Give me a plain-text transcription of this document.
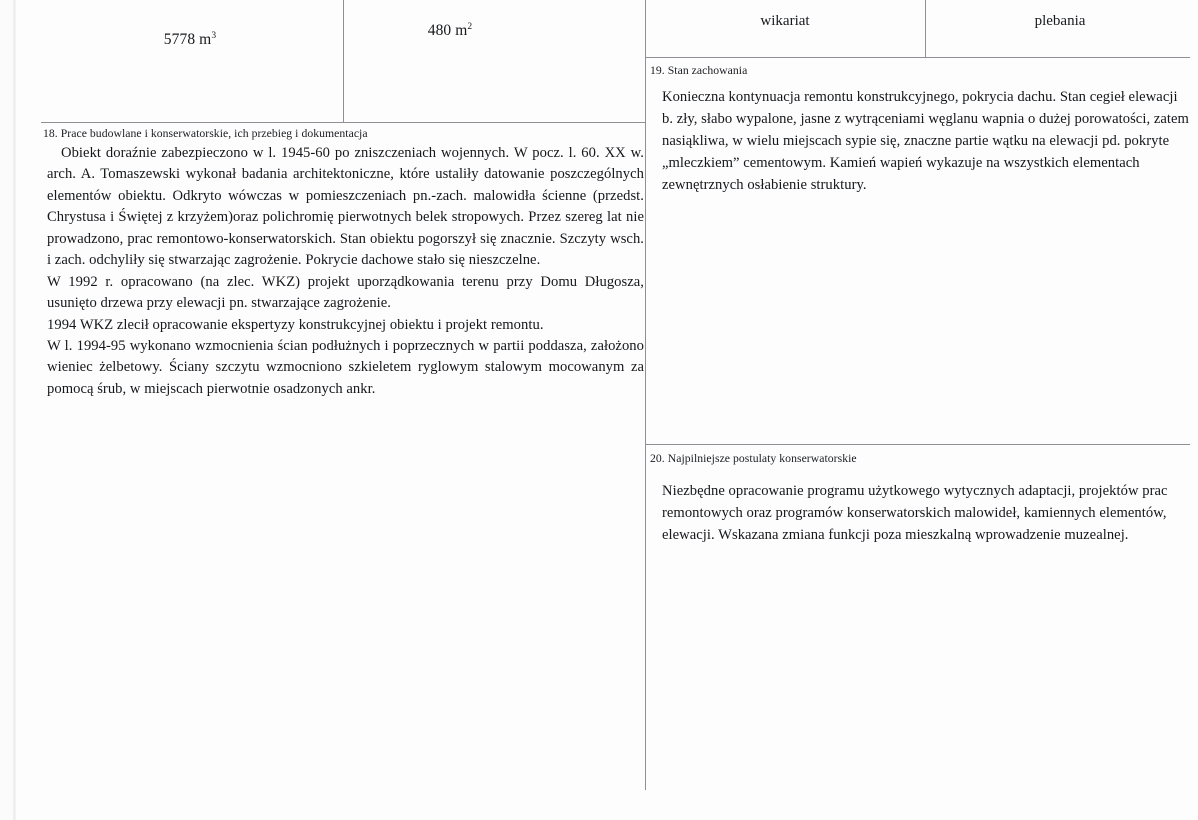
5778 $m^3$	480 $m^2$	wikariat	plebania
18. Prace budowlane i konserwatorskie, ich przebieg i dokumentacja

Obiekt doraźnie zabezpieczono w l. 1945-60 po zniszczeniach wojennych. W pocz. l. 60. XX w. arch. A. Tomaszewski wykonał badania architektoniczne, które ustaliły datowanie poszczególnych elementów obiektu. Odkryto wówczas w pomieszczeniach pn.-zach. malowidła ścienne (przedst. Chrystusa i Świętej z krzyżem)oraz polichromię pierwotnych belek stropowych. Przez szereg lat nie prowadzono, prac remontowo-konserwatorskich. Stan obiektu pogorszył się znacznie. Szczyty wsch. i zach. odchyliły się stwarzając zagrożenie. Pokrycie dachowe stało się nieszczelne.

W 1992 r. opracowano (na zlec. WKZ) projekt uporządkowania terenu przy Domu Długosza, usunięto drzewa przy elewacji pn. stwarzające zagrożenie.

1994 WKZ zlecił opracowanie ekspertyzy konstrukcyjnej obiektu i projekt remontu.

W l. 1994-95 wykonano wzmocnienia ścian podłużnych i poprzecznych w partii poddasza, założono wieniec żelbetowy. Ściany szczytu wzmocniono szkieletem ryglowym stalowym mocowanym za pomocą śrub, w miejscach pierwotnie osadzonych ankr.

19. Stan zachowania

Konieczna kontynuacja remontu konstrukcyjnego, pokrycia dachu. Stan cegieł elewacji b. zły, słabo wypalone, jasne z wytrąceniami węglanu wapnia o dużej porowatości, zatem nasiąkliwa, w wielu miejscach sypie się, znaczne partie wątku na elewacji pd. pokryte „mleczkiem” cementowym. Kamień wapień wykazuje na wszystkich elementach zewnętrznych osłabienie struktury.

20. Najpilniejsze postulaty konserwatorskie

Niezbędne opracowanie programu użytkowego wytycznych adaptacji, projektów prac remontowych oraz programów konserwatorskich malowideł, kamiennych elementów, elewacji. Wskazana zmiana funkcji poza mieszkalną wprowadzenie muzealnej.
